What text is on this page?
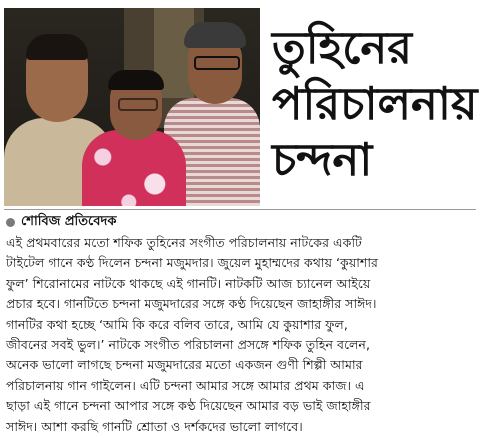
তুহিনের
পরিচালনায়
চন্দনা
শোবিজ প্রতিবেদক

এই প্রথমবারের মতো শফিক তুহিনের সংগীত পরিচালনায় নাটকের একটি
টাইটেল গানে কণ্ঠ দিলেন চন্দনা মজুমদার। জুয়েল মুহাম্মদের কথায় ‘কুয়াশার
ফুল’ শিরোনামের নাটকে থাকছে এই গানটি। নাটকটি আজ চ্যানেল আইয়ে
প্রচার হবে। গানটিতে চন্দনা মজুমদারের সঙ্গে কণ্ঠ দিয়েছেন জাহাঙ্গীর সাঈদ।
গানটির কথা হচ্ছে ‘আমি কি করে বলিব তারে, আমি যে কুয়াশার ফুল,
জীবনের সবই ভুল।’ নাটকে সংগীত পরিচালনা প্রসঙ্গে শফিক তুহিন বলেন,
অনেক ভালো লাগছে চন্দনা মজুমদারের মতো একজন গুণী শিল্পী আমার
পরিচালনায় গান গাইলেন। এটি চন্দনা আমার সঙ্গে আমার প্রথম কাজ। এ
ছাড়া এই গানে চন্দনা আপার সঙ্গে কণ্ঠ দিয়েছেন আমার বড় ভাই জাহাঙ্গীর
সাঈদ। আশা করছি গানটি শ্রোতা ও দর্শকদের ভালো লাগবে।
